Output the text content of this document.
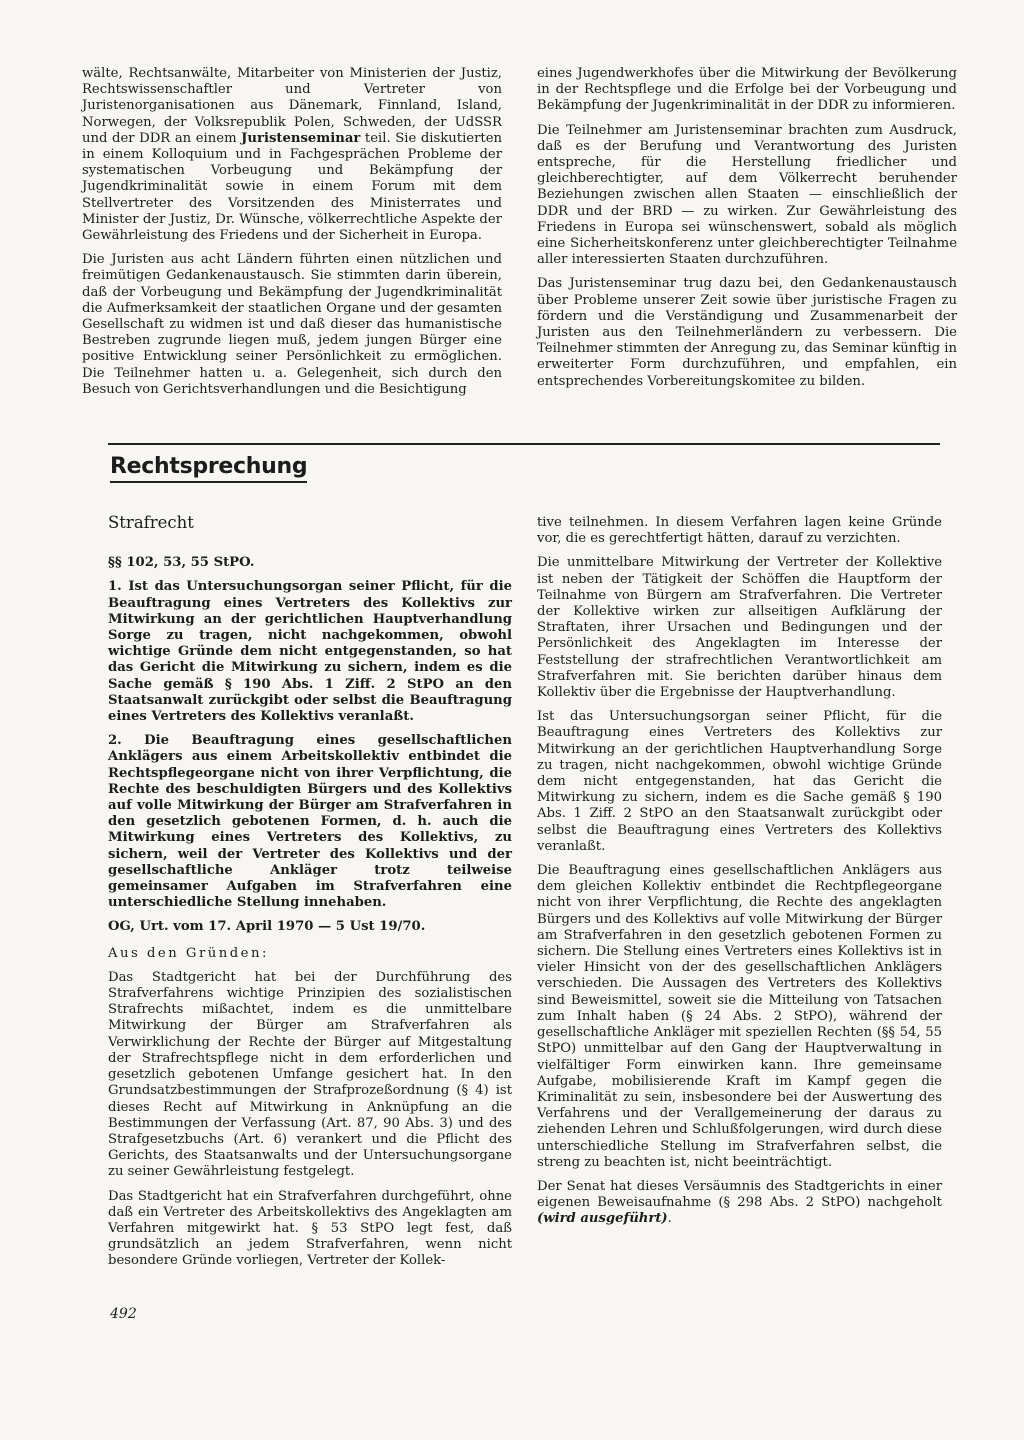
wälte, Rechtsanwälte, Mitarbeiter von Ministerien der Justiz, Rechtswissenschaftler und Vertreter von Juristenorganisationen aus Dänemark, Finnland, Island, Norwegen, der Volksrepublik Polen, Schweden, der UdSSR und der DDR an einem Juristenseminar teil. Sie diskutierten in einem Kolloquium und in Fachgesprächen Probleme der systematischen Vorbeugung und Bekämpfung der Jugendkriminalität sowie in einem Forum mit dem Stellvertreter des Vorsitzenden des Ministerrates und Minister der Justiz, Dr. Wünsche, völkerrechtliche Aspekte der Gewährleistung des Friedens und der Sicherheit in Europa.

Die Juristen aus acht Ländern führten einen nützlichen und freimütigen Gedankenaustausch. Sie stimmten darin überein, daß der Vorbeugung und Bekämpfung der Jugendkriminalität die Aufmerksamkeit der staatlichen Organe und der gesamten Gesellschaft zu widmen ist und daß dieser das humanistische Bestreben zugrunde liegen muß, jedem jungen Bürger eine positive Entwicklung seiner Persönlichkeit zu ermöglichen. Die Teilnehmer hatten u. a. Gelegenheit, sich durch den Besuch von Gerichtsverhandlungen und die Besichtigung

eines Jugendwerkhofes über die Mitwirkung der Bevölkerung in der Rechtspflege und die Erfolge bei der Vorbeugung und Bekämpfung der Jugenkriminalität in der DDR zu informieren.

Die Teilnehmer am Juristenseminar brachten zum Ausdruck, daß es der Berufung und Verantwortung des Juristen entspreche, für die Herstellung friedlicher und gleichberechtigter, auf dem Völkerrecht beruhender Beziehungen zwischen allen Staaten — einschließlich der DDR und der BRD — zu wirken. Zur Gewährleistung des Friedens in Europa sei wünschenswert, sobald als möglich eine Sicherheitskonferenz unter gleichberechtigter Teilnahme aller interessierten Staaten durchzuführen.

Das Juristenseminar trug dazu bei, den Gedankenaustausch über Probleme unserer Zeit sowie über juristische Fragen zu fördern und die Verständigung und Zusammenarbeit der Juristen aus den Teilnehmerländern zu verbessern. Die Teilnehmer stimmten der Anregung zu, das Seminar künftig in erweiterter Form durchzuführen, und empfahlen, ein entsprechendes Vorbereitungskomitee zu bilden.

Rechtsprechung

Strafrecht

§§ 102, 53, 55 StPO.

1. Ist das Untersuchungsorgan seiner Pflicht, für die Beauftragung eines Vertreters des Kollektivs zur Mitwirkung an der gerichtlichen Hauptverhandlung Sorge zu tragen, nicht nachgekommen, obwohl wichtige Gründe dem nicht entgegenstanden, so hat das Gericht die Mitwirkung zu sichern, indem es die Sache gemäß § 190 Abs. 1 Ziff. 2 StPO an den Staatsanwalt zurückgibt oder selbst die Beauftragung eines Vertreters des Kollektivs veranlaßt.

2. Die Beauftragung eines gesellschaftlichen Anklägers aus einem Arbeitskollektiv entbindet die Rechtspflegeorgane nicht von ihrer Verpflichtung, die Rechte des beschuldigten Bürgers und des Kollektivs auf volle Mitwirkung der Bürger am Strafverfahren in den gesetzlich gebotenen Formen, d. h. auch die Mitwirkung eines Vertreters des Kollektivs, zu sichern, weil der Vertreter des Kollektivs und der gesellschaftliche Ankläger trotz teilweise gemeinsamer Aufgaben im Strafverfahren eine unterschiedliche Stellung innehaben.

OG, Urt. vom 17. April 1970 — 5 Ust 19/70.

Aus den Gründen:

Das Stadtgericht hat bei der Durchführung des Strafverfahrens wichtige Prinzipien des sozialistischen Strafrechts mißachtet, indem es die unmittelbare Mitwirkung der Bürger am Strafverfahren als Verwirklichung der Rechte der Bürger auf Mitgestaltung der Strafrechtspflege nicht in dem erforderlichen und gesetzlich gebotenen Umfange gesichert hat. In den Grundsatzbestimmungen der Strafprozeßordnung (§ 4) ist dieses Recht auf Mitwirkung in Anknüpfung an die Bestimmungen der Verfassung (Art. 87, 90 Abs. 3) und des Strafgesetzbuchs (Art. 6) verankert und die Pflicht des Gerichts, des Staatsanwalts und der Untersuchungsorgane zu seiner Gewährleistung festgelegt.

Das Stadtgericht hat ein Strafverfahren durchgeführt, ohne daß ein Vertreter des Arbeitskollektivs des Angeklagten am Verfahren mitgewirkt hat. § 53 StPO legt fest, daß grundsätzlich an jedem Strafverfahren, wenn nicht besondere Gründe vorliegen, Vertreter der Kollek-

tive teilnehmen. In diesem Verfahren lagen keine Gründe vor, die es gerechtfertigt hätten, darauf zu verzichten.

Die unmittelbare Mitwirkung der Vertreter der Kollektive ist neben der Tätigkeit der Schöffen die Hauptform der Teilnahme von Bürgern am Strafverfahren. Die Vertreter der Kollektive wirken zur allseitigen Aufklärung der Straftaten, ihrer Ursachen und Bedingungen und der Persönlichkeit des Angeklagten im Interesse der Feststellung der strafrechtlichen Verantwortlichkeit am Strafverfahren mit. Sie berichten darüber hinaus dem Kollektiv über die Ergebnisse der Hauptverhandlung.

Ist das Untersuchungsorgan seiner Pflicht, für die Beauftragung eines Vertreters des Kollektivs zur Mitwirkung an der gerichtlichen Hauptverhandlung Sorge zu tragen, nicht nachgekommen, obwohl wichtige Gründe dem nicht entgegenstanden, hat das Gericht die Mitwirkung zu sichern, indem es die Sache gemäß § 190 Abs. 1 Ziff. 2 StPO an den Staatsanwalt zurückgibt oder selbst die Beauftragung eines Vertreters des Kollektivs veranlaßt.

Die Beauftragung eines gesellschaftlichen Anklägers aus dem gleichen Kollektiv entbindet die Rechtpflegeorgane nicht von ihrer Verpflichtung, die Rechte des angeklagten Bürgers und des Kollektivs auf volle Mitwirkung der Bürger am Strafverfahren in den gesetzlich gebotenen Formen zu sichern. Die Stellung eines Vertreters eines Kollektivs ist in vieler Hinsicht von der des gesellschaftlichen Anklägers verschieden. Die Aussagen des Vertreters des Kollektivs sind Beweismittel, soweit sie die Mitteilung von Tatsachen zum Inhalt haben (§ 24 Abs. 2 StPO), während der gesellschaftliche Ankläger mit speziellen Rechten (§§ 54, 55 StPO) unmittelbar auf den Gang der Hauptverwaltung in vielfältiger Form einwirken kann. Ihre gemeinsame Aufgabe, mobilisierende Kraft im Kampf gegen die Kriminalität zu sein, insbesondere bei der Auswertung des Verfahrens und der Verallgemeinerung der daraus zu ziehenden Lehren und Schlußfolgerungen, wird durch diese unterschiedliche Stellung im Strafverfahren selbst, die streng zu beachten ist, nicht beeinträchtigt.

Der Senat hat dieses Versäumnis des Stadtgerichts in einer eigenen Beweisaufnahme (§ 298 Abs. 2 StPO) nachgeholt (wird ausgeführt).

492
